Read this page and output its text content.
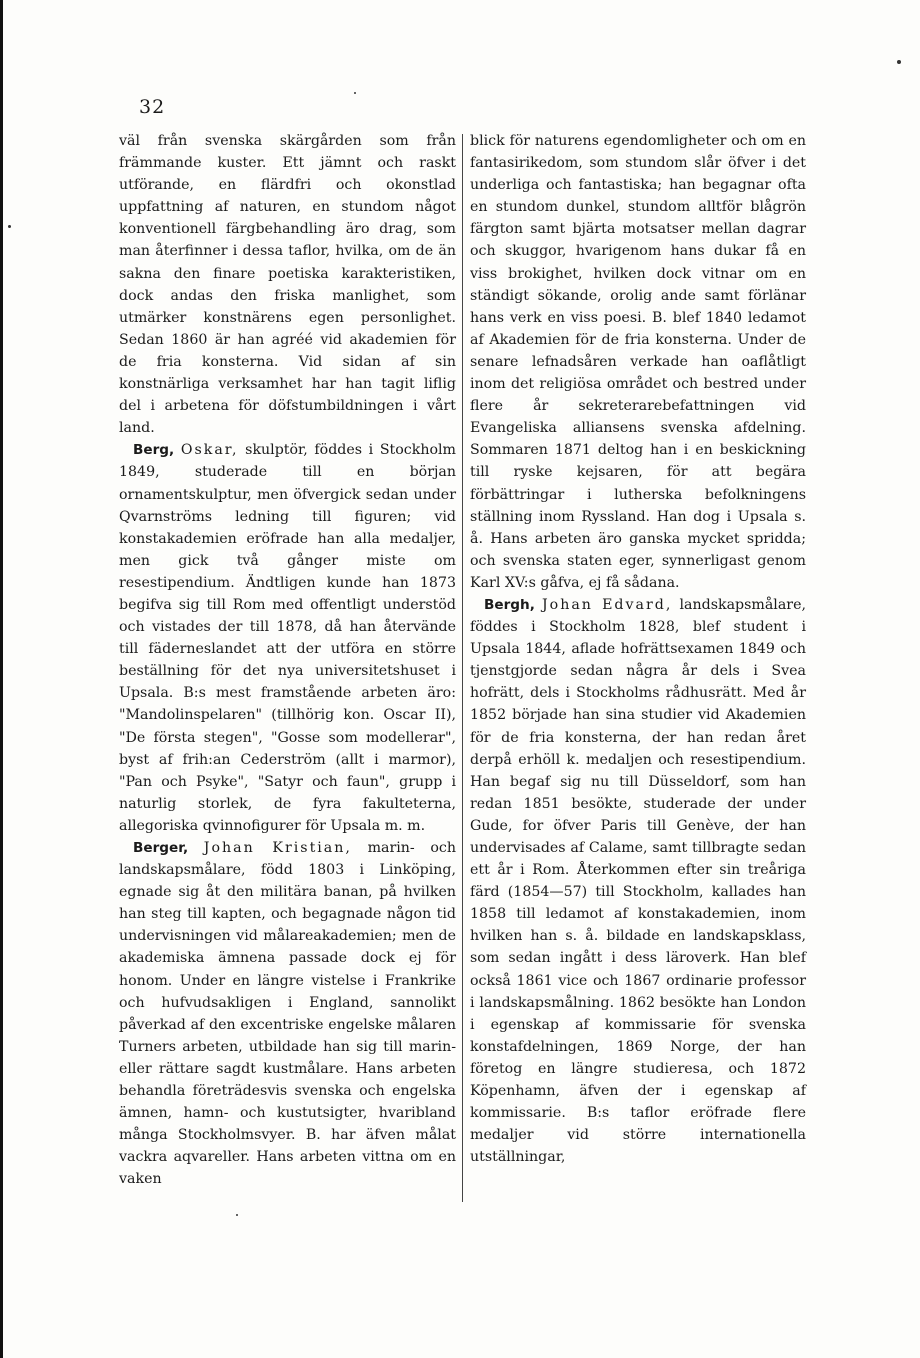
32

väl från svenska skärgården som från främmande kuster. Ett jämnt och raskt utförande, en flärdfri och okonstlad uppfattning af naturen, en stundom något konventionell färgbehandling äro drag, som man återfinner i dessa taflor, hvilka, om de än sakna den finare poetiska karakteristiken, dock andas den friska manlighet, som utmärker konstnärens egen personlighet. Sedan 1860 är han agréé vid akademien för de fria konsterna. Vid sidan af sin konstnärliga verksamhet har han tagit liflig del i arbetena för döfstumbildningen i vårt land.

Berg, Oskar, skulptör, föddes i Stockholm 1849, studerade till en början ornamentskulptur, men öfvergick sedan under Qvarnströms ledning till figuren; vid konstakademien eröfrade han alla medaljer, men gick två gånger miste om resestipendium. Ändtligen kunde han 1873 begifva sig till Rom med offentligt understöd och vistades der till 1878, då han återvände till fäderneslandet att der utföra en större beställning för det nya universitetshuset i Upsala. B:s mest framstående arbeten äro: "Mandolinspelaren" (tillhörig kon. Oscar II), "De första stegen", "Gosse som modellerar", byst af frih:an Cederström (allt i marmor), "Pan och Psyke", "Satyr och faun", grupp i naturlig storlek, de fyra fakulteterna, allegoriska qvinnofigurer för Upsala m. m.

Berger, Johan Kristian, marin- och landskapsmålare, född 1803 i Linköping, egnade sig åt den militära banan, på hvilken han steg till kapten, och begagnade någon tid undervisningen vid målareakademien; men de akademiska ämnena passade dock ej för honom. Under en längre vistelse i Frankrike och hufvudsakligen i England, sannolikt påverkad af den excentriske engelske målaren Turners arbeten, utbildade han sig till marin- eller rättare sagdt kustmålare. Hans arbeten behandla företrädesvis svenska och engelska ämnen, hamn- och kustutsigter, hvaribland många Stockholmsvyer. B. har äfven målat vackra aqvareller. Hans arbeten vittna om en vaken

blick för naturens egendomligheter och om en fantasirikedom, som stundom slår öfver i det underliga och fantastiska; han begagnar ofta en stundom dunkel, stundom alltför blågrön färgton samt bjärta motsatser mellan dagrar och skuggor, hvarigenom hans dukar få en viss brokighet, hvilken dock vitnar om en ständigt sökande, orolig ande samt förlänar hans verk en viss poesi. B. blef 1840 ledamot af Akademien för de fria konsterna. Under de senare lefnadsåren verkade han oaflåtligt inom det religiösa området och bestred under flere år sekreterarebefattningen vid Evangeliska alliansens svenska afdelning. Sommaren 1871 deltog han i en beskickning till ryske kejsaren, för att begära förbättringar i lutherska befolkningens ställning inom Ryssland. Han dog i Upsala s. å. Hans arbeten äro ganska mycket spridda; och svenska staten eger, synnerligast genom Karl XV:s gåfva, ej få sådana.

Bergh, Johan Edvard, landskapsmålare, föddes i Stockholm 1828, blef student i Upsala 1844, aflade hofrättsexamen 1849 och tjenstgjorde sedan några år dels i Svea hofrätt, dels i Stockholms rådhusrätt. Med år 1852 började han sina studier vid Akademien för de fria konsterna, der han redan året derpå erhöll k. medaljen och resestipendium. Han begaf sig nu till Düsseldorf, som han redan 1851 besökte, studerade der under Gude, for öfver Paris till Genève, der han undervisades af Calame, samt tillbragte sedan ett år i Rom. Återkommen efter sin treåriga färd (1854—57) till Stockholm, kallades han 1858 till ledamot af konstakademien, inom hvilken han s. å. bildade en landskapsklass, som sedan ingått i dess läroverk. Han blef också 1861 vice och 1867 ordinarie professor i landskapsmålning. 1862 besökte han London i egenskap af kommissarie för svenska konstafdelningen, 1869 Norge, der han företog en längre studieresa, och 1872 Köpenhamn, äfven der i egenskap af kommissarie. B:s taflor eröfrade flere medaljer vid större internationella utställningar,
